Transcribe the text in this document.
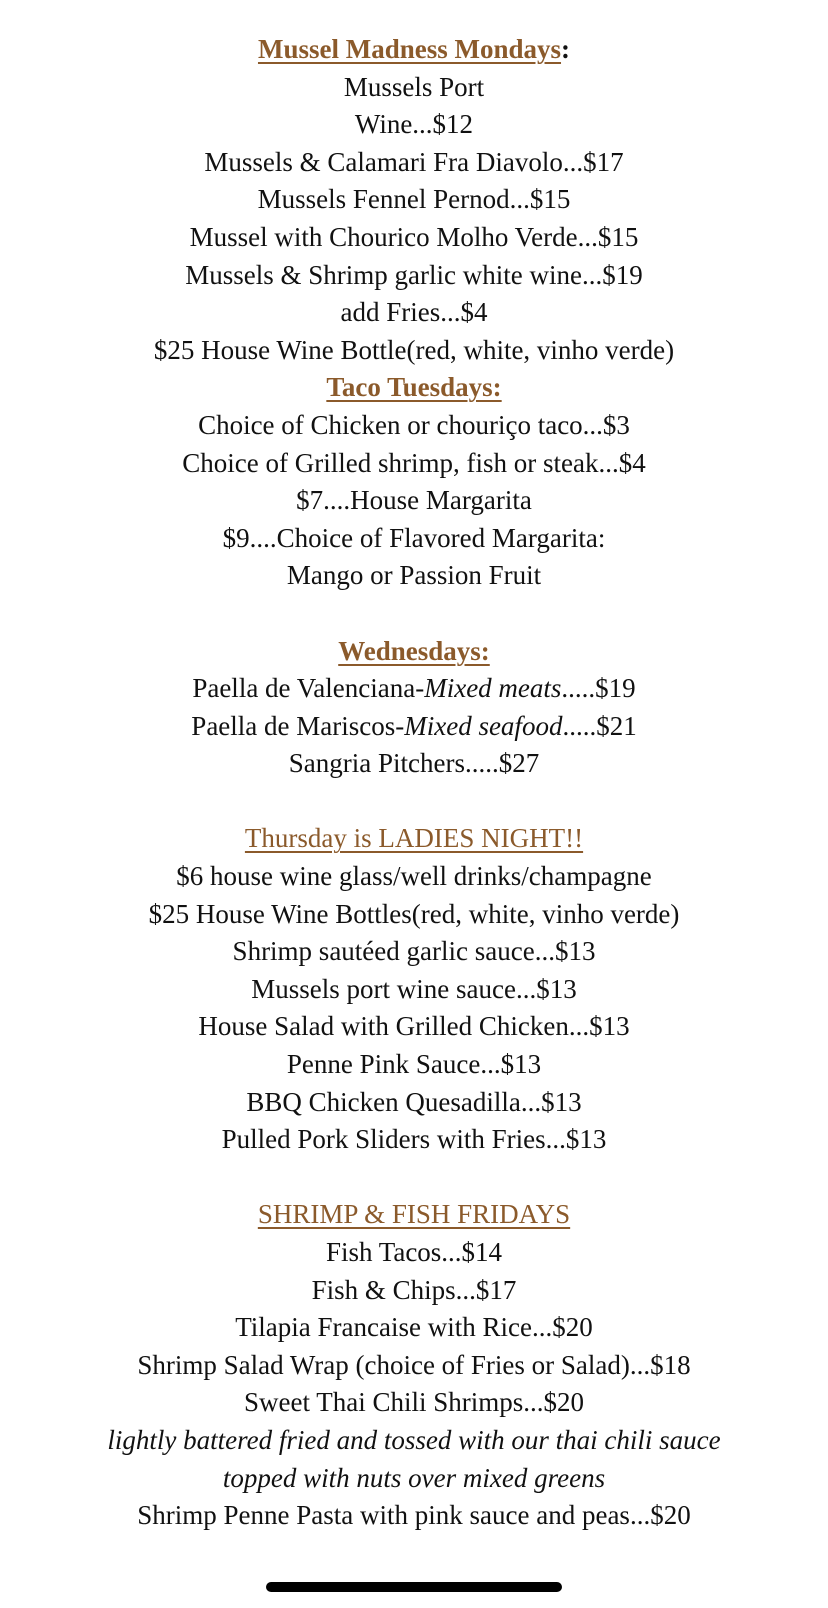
Mussel Madness Mondays:
Mussels Port
Wine...$12
Mussels & Calamari Fra Diavolo...$17
Mussels Fennel Pernod...$15
Mussel with Chourico Molho Verde...$15
Mussels & Shrimp garlic white wine...$19
add Fries...$4
$25 House Wine Bottle(red, white, vinho verde)
Taco Tuesdays:
Choice of Chicken or chouriço taco...$3
Choice of Grilled shrimp, fish or steak...$4
$7....House Margarita
$9....Choice of Flavored Margarita:
Mango or Passion Fruit
Wednesdays:
Paella de Valenciana-Mixed meats.....$19
Paella de Mariscos-Mixed seafood.....$21
Sangria Pitchers.....$27
Thursday is LADIES NIGHT!!
$6 house wine glass/well drinks/champagne
$25 House Wine Bottles(red, white, vinho verde)
Shrimp sautéed garlic sauce...$13
Mussels port wine sauce...$13
House Salad with Grilled Chicken...$13
Penne Pink Sauce...$13
BBQ Chicken Quesadilla...$13
Pulled Pork Sliders with Fries...$13
SHRIMP & FISH FRIDAYS
Fish Tacos...$14
Fish & Chips...$17
Tilapia Francaise with Rice...$20
Shrimp Salad Wrap (choice of Fries or Salad)...$18
Sweet Thai Chili Shrimps...$20
lightly battered fried and tossed with our thai chili sauce
topped with nuts over mixed greens
Shrimp Penne Pasta with pink sauce and peas...$20
